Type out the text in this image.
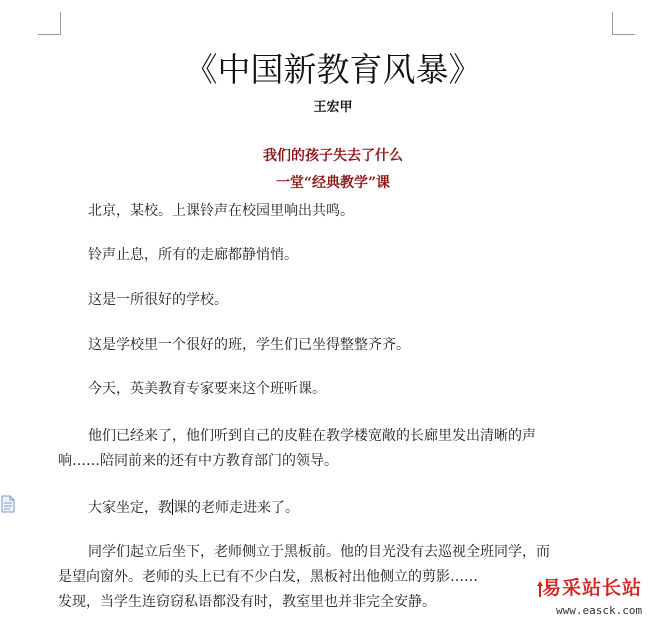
《中国新教育风暴》
王宏甲
我们的孩子失去了什么
一堂“经典教学”课
北京，某校。上课铃声在校园里响出共鸣。
铃声止息，所有的走廊都静悄悄。
这是一所很好的学校。
这是学校里一个很好的班，学生们已坐得整整齐齐。
今天，英美教育专家要来这个班听课。
他们已经来了，他们听到自己的皮鞋在教学楼宽敞的长廊里发出清晰的声
响……陪同前来的还有中方教育部门的领导。
大家坐定，教课的老师走进来了。
同学们起立后坐下，老师侧立于黑板前。他的目光没有去巡视全班同学，而
是望向窗外。老师的头上已有不少白发，黑板衬出他侧立的剪影……
发现，当学生连窃窃私语都没有时，教室里也并非完全安静。
易采站长站
www.easck.com
